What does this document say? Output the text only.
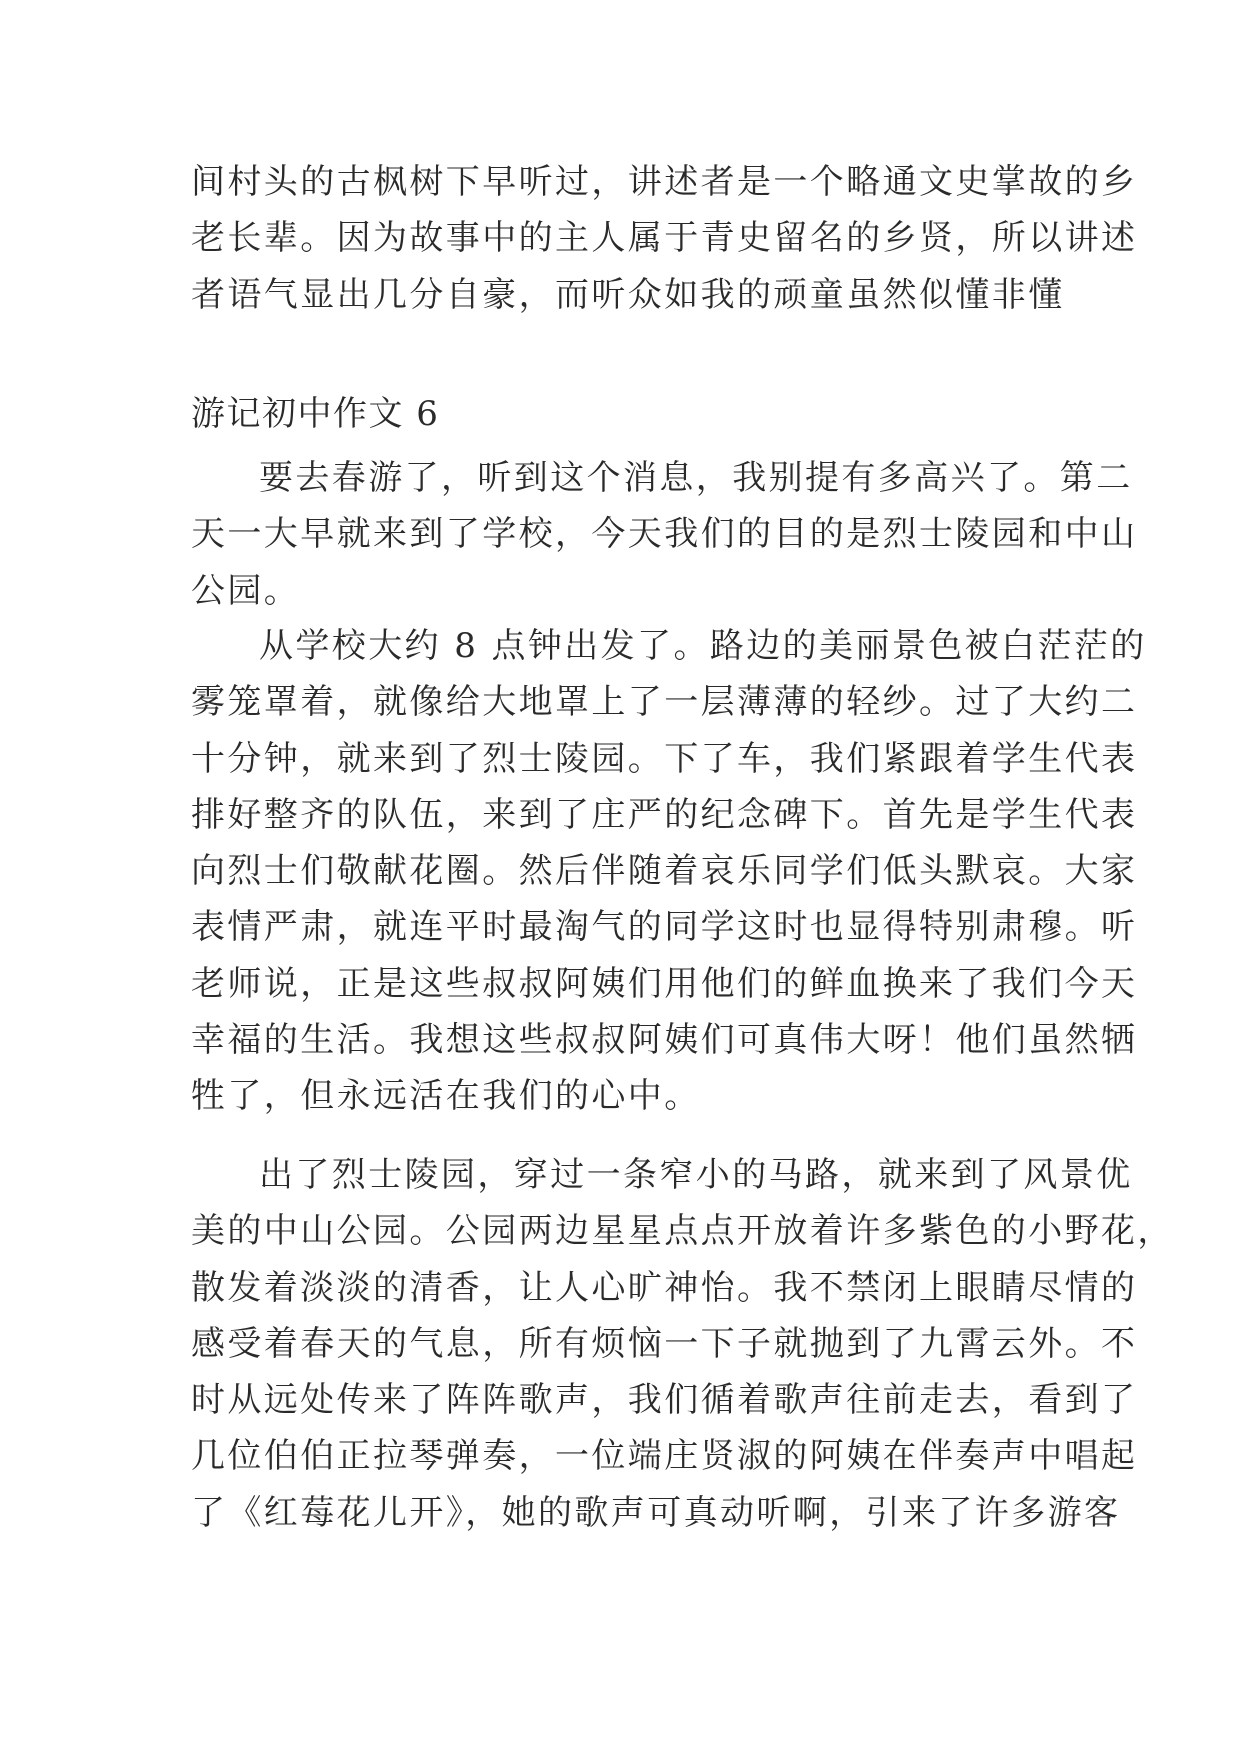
间村头的古枫树下早听过，讲述者是一个略通文史掌故的乡
老长辈。因为故事中的主人属于青史留名的乡贤，所以讲述
者语气显出几分自豪，而听众如我的顽童虽然似懂非懂

游记初中作文 6

要去春游了，听到这个消息，我别提有多高兴了。第二
天一大早就来到了学校，今天我们的目的是烈士陵园和中山
公园。

从学校大约 8 点钟出发了。路边的美丽景色被白茫茫的
雾笼罩着，就像给大地罩上了一层薄薄的轻纱。过了大约二
十分钟，就来到了烈士陵园。下了车，我们紧跟着学生代表
排好整齐的队伍，来到了庄严的纪念碑下。首先是学生代表
向烈士们敬献花圈。然后伴随着哀乐同学们低头默哀。大家
表情严肃，就连平时最淘气的同学这时也显得特别肃穆。听
老师说，正是这些叔叔阿姨们用他们的鲜血换来了我们今天
幸福的生活。我想这些叔叔阿姨们可真伟大呀！他们虽然牺
牲了，但永远活在我们的心中。

出了烈士陵园，穿过一条窄小的马路，就来到了风景优
美的中山公园。公园两边星星点点开放着许多紫色的小野花，
散发着淡淡的清香，让人心旷神怡。我不禁闭上眼睛尽情的
感受着春天的气息，所有烦恼一下子就抛到了九霄云外。不
时从远处传来了阵阵歌声，我们循着歌声往前走去，看到了
几位伯伯正拉琴弹奏，一位端庄贤淑的阿姨在伴奏声中唱起
了《红莓花儿开》，她的歌声可真动听啊，引来了许多游客
